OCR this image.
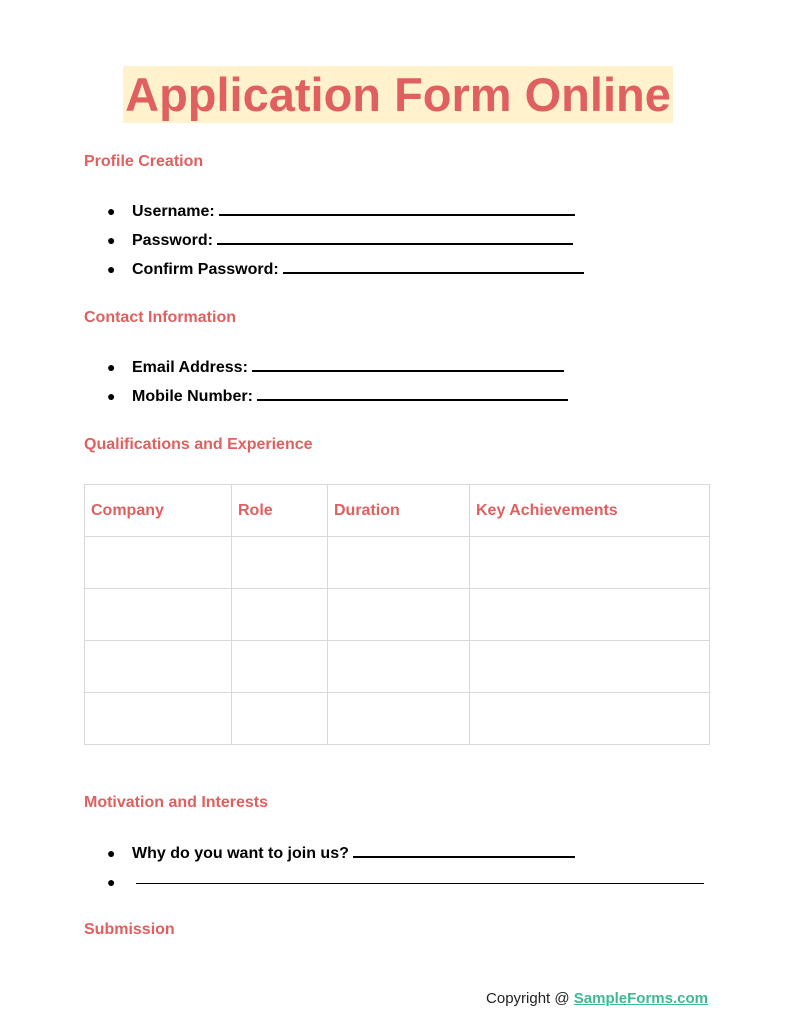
Application Form Online
Profile Creation
● Username:
● Password:
● Confirm Password:
Contact Information
● Email Address:
● Mobile Number:
Qualifications and Experience
Company	Role	Duration	Key Achievements

Motivation and Interests
● Why do you want to join us?
●
Submission
Copyright @ SampleForms.com
